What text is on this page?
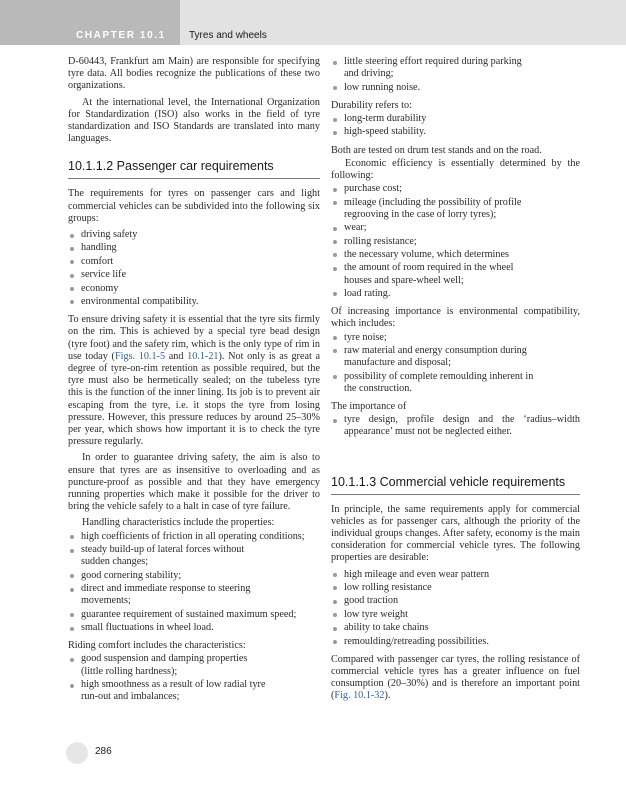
CHAPTER 10.1 Tyres and wheels

D-60443, Frankfurt am Main) are responsible for specifying tyre data. All bodies recognize the publications of these two organizations.

At the international level, the International Organization for Standardization (ISO) also works in the field of tyre standardization and ISO Standards are translated into many languages.

10.1.1.2 Passenger car requirements

The requirements for tyres on passenger cars and light commercial vehicles can be subdivided into the following six groups:

driving safety
handling
comfort
service life
economy
environmental compatibility.

To ensure driving safety it is essential that the tyre sits firmly on the rim. This is achieved by a special tyre bead design (tyre foot) and the safety rim, which is the only type of rim in use today (Figs. 10.1-5 and 10.1-21). Not only is as great a degree of tyre-on-rim retention as possible required, but the tyre must also be hermetically sealed; on the tubeless tyre this is the function of the inner lining. Its job is to prevent air escaping from the tyre, i.e. it stops the tyre from losing pressure. However, this pressure reduces by around 25–30% per year, which shows how important it is to check the tyre pressure regularly.

In order to guarantee driving safety, the aim is also to ensure that tyres are as insensitive to overloading and as puncture-proof as possible and that they have emergency running properties which make it possible for the driver to bring the vehicle safely to a halt in case of tyre failure.

Handling characteristics include the properties:

high coefficients of friction in all operating conditions;
steady build-up of lateral forces without
sudden changes;
good cornering stability;
direct and immediate response to steering
movements;
guarantee requirement of sustained maximum speed;
small fluctuations in wheel load.

Riding comfort includes the characteristics:

good suspension and damping properties
(little rolling hardness);
high smoothness as a result of low radial tyre
run-out and imbalances;
little steering effort required during parking
and driving;
low running noise.

Durability refers to:

long-term durability
high-speed stability.

Both are tested on drum test stands and on the road.

Economic efficiency is essentially determined by the following:

purchase cost;
mileage (including the possibility of profile
regrooving in the case of lorry tyres);
wear;
rolling resistance;
the necessary volume, which determines
the amount of room required in the wheel
houses and spare-wheel well;
load rating.

Of increasing importance is environmental compatibility, which includes:

tyre noise;
raw material and energy consumption during
manufacture and disposal;
possibility of complete remoulding inherent in
the construction.

The importance of

tyre design, profile design and the ‘radius–width appearance’ must not be neglected either.
10.1.1.3 Commercial vehicle requirements

In principle, the same requirements apply for commercial vehicles as for passenger cars, although the priority of the individual groups changes. After safety, economy is the main consideration for commercial vehicle tyres. The following properties are desirable:

high mileage and even wear pattern
low rolling resistance
good traction
low tyre weight
ability to take chains
remoulding/retreading possibilities.

Compared with passenger car tyres, the rolling resistance of commercial vehicle tyres has a greater influence on fuel consumption (20–30%) and is therefore an important point (Fig. 10.1-32).

286
